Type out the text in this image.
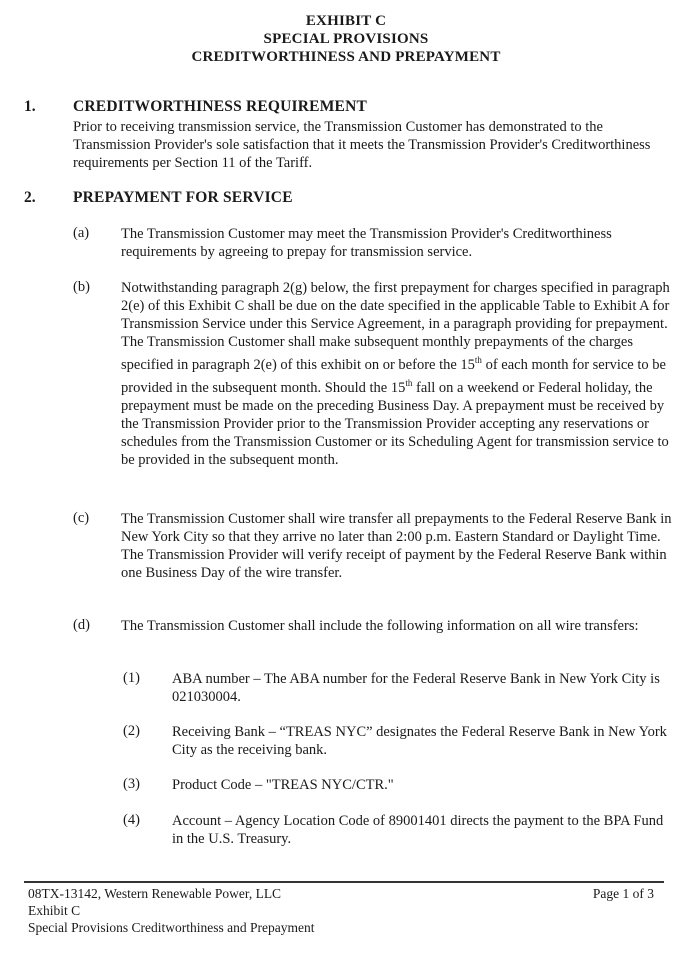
EXHIBIT C
SPECIAL PROVISIONS
CREDITWORTHINESS AND PREPAYMENT
1. CREDITWORTHINESS REQUIREMENT
Prior to receiving transmission service, the Transmission Customer has demonstrated to the Transmission Provider's sole satisfaction that it meets the Transmission Provider's Creditworthiness requirements per Section 11 of the Tariff.
2. PREPAYMENT FOR SERVICE
(a) The Transmission Customer may meet the Transmission Provider's Creditworthiness requirements by agreeing to prepay for transmission service.
(b) Notwithstanding paragraph 2(g) below, the first prepayment for charges specified in paragraph 2(e) of this Exhibit C shall be due on the date specified in the applicable Table to Exhibit A for Transmission Service under this Service Agreement, in a paragraph providing for prepayment. The Transmission Customer shall make subsequent monthly prepayments of the charges specified in paragraph 2(e) of this exhibit on or before the 15th of each month for service to be provided in the subsequent month. Should the 15th fall on a weekend or Federal holiday, the prepayment must be made on the preceding Business Day. A prepayment must be received by the Transmission Provider prior to the Transmission Provider accepting any reservations or schedules from the Transmission Customer or its Scheduling Agent for transmission service to be provided in the subsequent month.
(c) The Transmission Customer shall wire transfer all prepayments to the Federal Reserve Bank in New York City so that they arrive no later than 2:00 p.m. Eastern Standard or Daylight Time. The Transmission Provider will verify receipt of payment by the Federal Reserve Bank within one Business Day of the wire transfer.
(d) The Transmission Customer shall include the following information on all wire transfers:
(1) ABA number – The ABA number for the Federal Reserve Bank in New York City is 021030004.
(2) Receiving Bank – “TREAS NYC” designates the Federal Reserve Bank in New York City as the receiving bank.
(3) Product Code – "TREAS NYC/CTR."
(4) Account – Agency Location Code of 89001401 directs the payment to the BPA Fund in the U.S. Treasury.
08TX-13142, Western Renewable Power, LLC
Exhibit C
Special Provisions Creditworthiness and Prepayment
Page 1 of 3
